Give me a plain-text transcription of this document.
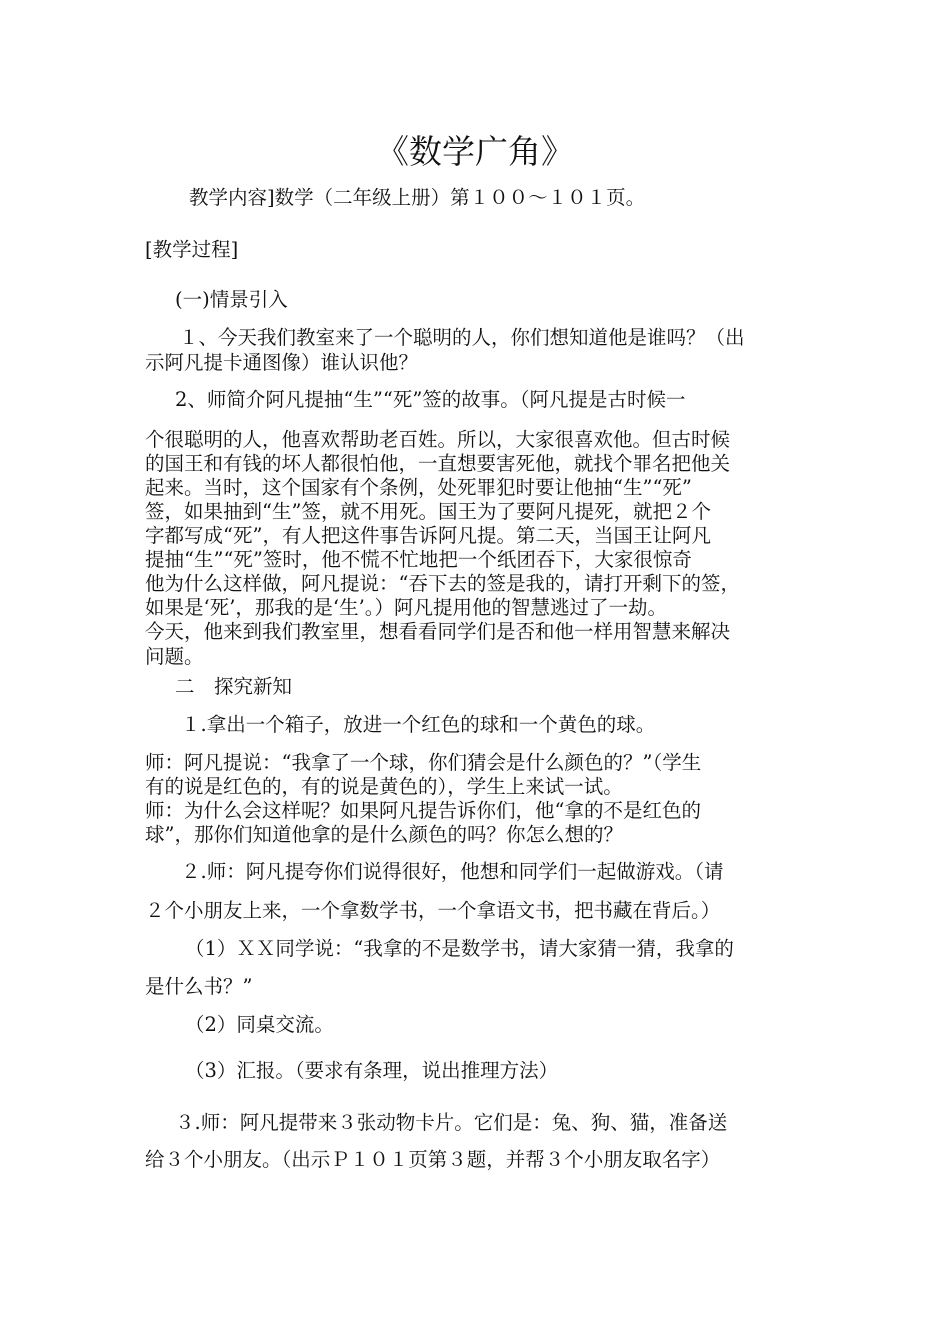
《数学广角》
教学内容]数学（二年级上册）第１００～１０１页。
[教学过程]
(一)情景引入
１、今天我们教室来了一个聪明的人，你们想知道他是谁吗？（出
示阿凡提卡通图像）谁认识他？
2、师简介阿凡提抽“生”“死”签的故事。（阿凡提是古时候一
个很聪明的人，他喜欢帮助老百姓。所以，大家很喜欢他。但古时候
的国王和有钱的坏人都很怕他，一直想要害死他，就找个罪名把他关
起来。当时，这个国家有个条例，处死罪犯时要让他抽“生”“死”
签，如果抽到“生”签，就不用死。国王为了要阿凡提死，就把２个
字都写成“死”，有人把这件事告诉阿凡提。第二天，当国王让阿凡
提抽“生”“死”签时，他不慌不忙地把一个纸团吞下，大家很惊奇
他为什么这样做，阿凡提说：“吞下去的签是我的，请打开剩下的签，
如果是‘死’，那我的是‘生’。）阿凡提用他的智慧逃过了一劫。
今天，他来到我们教室里，想看看同学们是否和他一样用智慧来解决
问题。
二　探究新知
１.拿出一个箱子，放进一个红色的球和一个黄色的球。
师：阿凡提说：“我拿了一个球，你们猜会是什么颜色的？”（学生
有的说是红色的，有的说是黄色的），学生上来试一试。
师：为什么会这样呢？如果阿凡提告诉你们，他“拿的不是红色的
球”，那你们知道他拿的是什么颜色的吗？你怎么想的？
２.师：阿凡提夸你们说得很好，他想和同学们一起做游戏。（请
２个小朋友上来，一个拿数学书，一个拿语文书，把书藏在背后。）
（1）ＸＸ同学说：“我拿的不是数学书，请大家猜一猜，我拿的
是什么书？”
（2）同桌交流。
（3）汇报。（要求有条理，说出推理方法）
３.师：阿凡提带来３张动物卡片。它们是：兔、狗、猫，准备送
给３个小朋友。（出示Ｐ１０１页第３题，并帮３个小朋友取名字）
